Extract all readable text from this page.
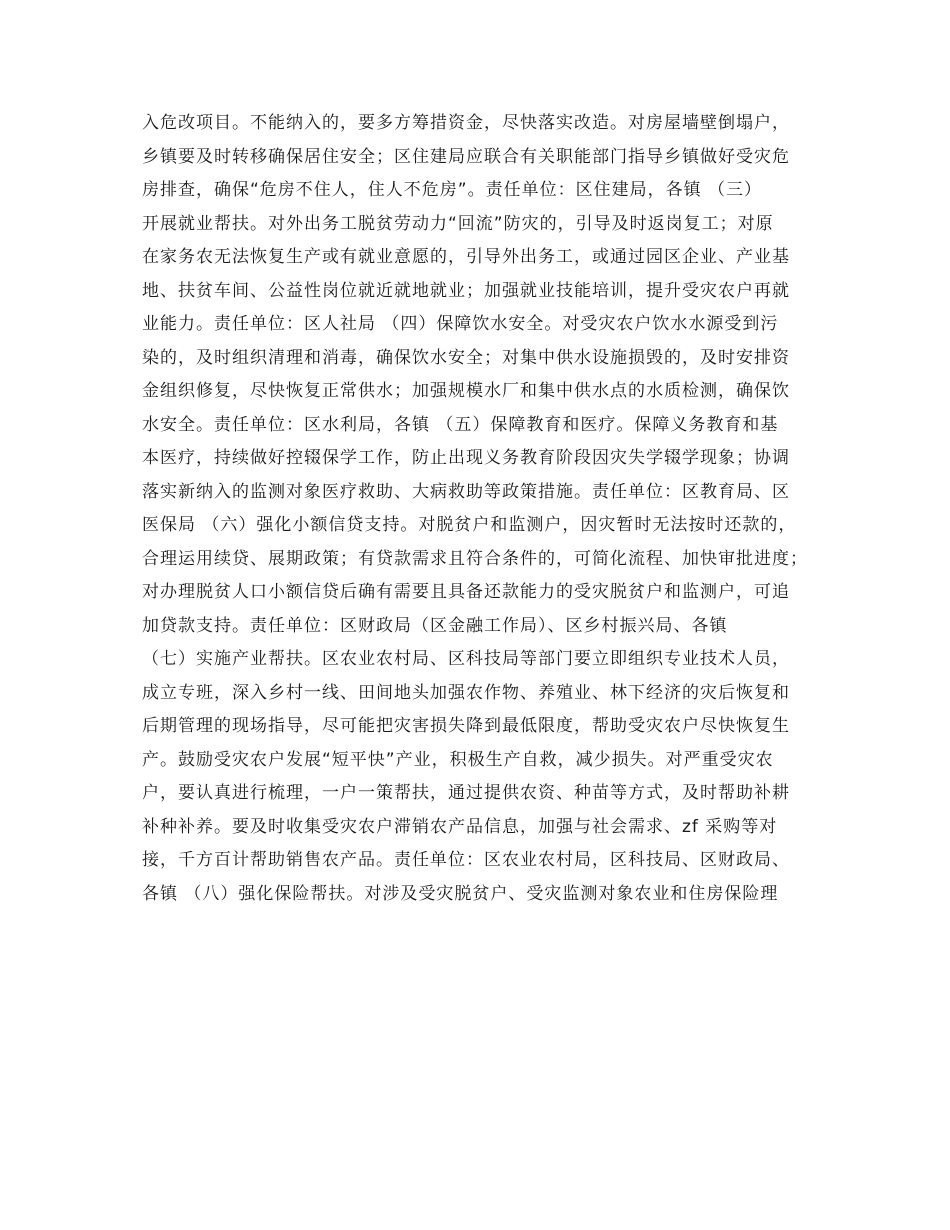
入危改项目。不能纳入的，要多方筹措资金，尽快落实改造。对房屋墙壁倒塌户，
乡镇要及时转移确保居住安全；区住建局应联合有关职能部门指导乡镇做好受灾危
房排查，确保“危房不住人，住人不危房”。责任单位：区住建局，各镇 （三）
开展就业帮扶。对外出务工脱贫劳动力“回流”防灾的，引导及时返岗复工；对原
在家务农无法恢复生产或有就业意愿的，引导外出务工，或通过园区企业、产业基
地、扶贫车间、公益性岗位就近就地就业；加强就业技能培训，提升受灾农户再就
业能力。责任单位：区人社局 （四）保障饮水安全。对受灾农户饮水水源受到污
染的，及时组织清理和消毒，确保饮水安全；对集中供水设施损毁的，及时安排资
金组织修复，尽快恢复正常供水；加强规模水厂和集中供水点的水质检测，确保饮
水安全。责任单位：区水利局，各镇 （五）保障教育和医疗。保障义务教育和基
本医疗，持续做好控辍保学工作，防止出现义务教育阶段因灾失学辍学现象；协调
落实新纳入的监测对象医疗救助、大病救助等政策措施。责任单位：区教育局、区
医保局 （六）强化小额信贷支持。对脱贫户和监测户，因灾暂时无法按时还款的，
合理运用续贷、展期政策；有贷款需求且符合条件的，可简化流程、加快审批进度；
对办理脱贫人口小额信贷后确有需要且具备还款能力的受灾脱贫户和监测户，可追
加贷款支持。责任单位：区财政局（区金融工作局）、区乡村振兴局、各镇
（七）实施产业帮扶。区农业农村局、区科技局等部门要立即组织专业技术人员，
成立专班，深入乡村一线、田间地头加强农作物、养殖业、林下经济的灾后恢复和
后期管理的现场指导，尽可能把灾害损失降到最低限度，帮助受灾农户尽快恢复生
产。鼓励受灾农户发展“短平快”产业，积极生产自救，减少损失。对严重受灾农
户，要认真进行梳理，一户一策帮扶，通过提供农资、种苗等方式，及时帮助补耕
补种补养。要及时收集受灾农户滞销农产品信息，加强与社会需求、zf 采购等对
接，千方百计帮助销售农产品。责任单位：区农业农村局，区科技局、区财政局、
各镇 （八）强化保险帮扶。对涉及受灾脱贫户、受灾监测对象农业和住房保险理
